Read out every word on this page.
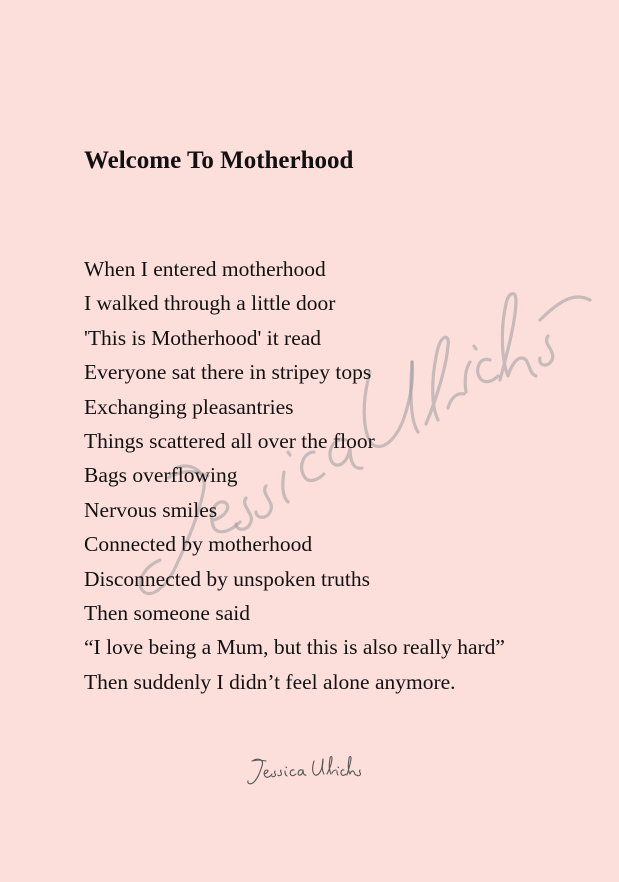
Welcome To Motherhood
When I entered motherhood
I walked through a little door
'This is Motherhood' it read
Everyone sat there in stripey tops
Exchanging pleasantries
Things scattered all over the floor
Bags overflowing
Nervous smiles
Connected by motherhood
Disconnected by unspoken truths
Then someone said
“I love being a Mum, but this is also really hard”
Then suddenly I didn’t feel alone anymore.
